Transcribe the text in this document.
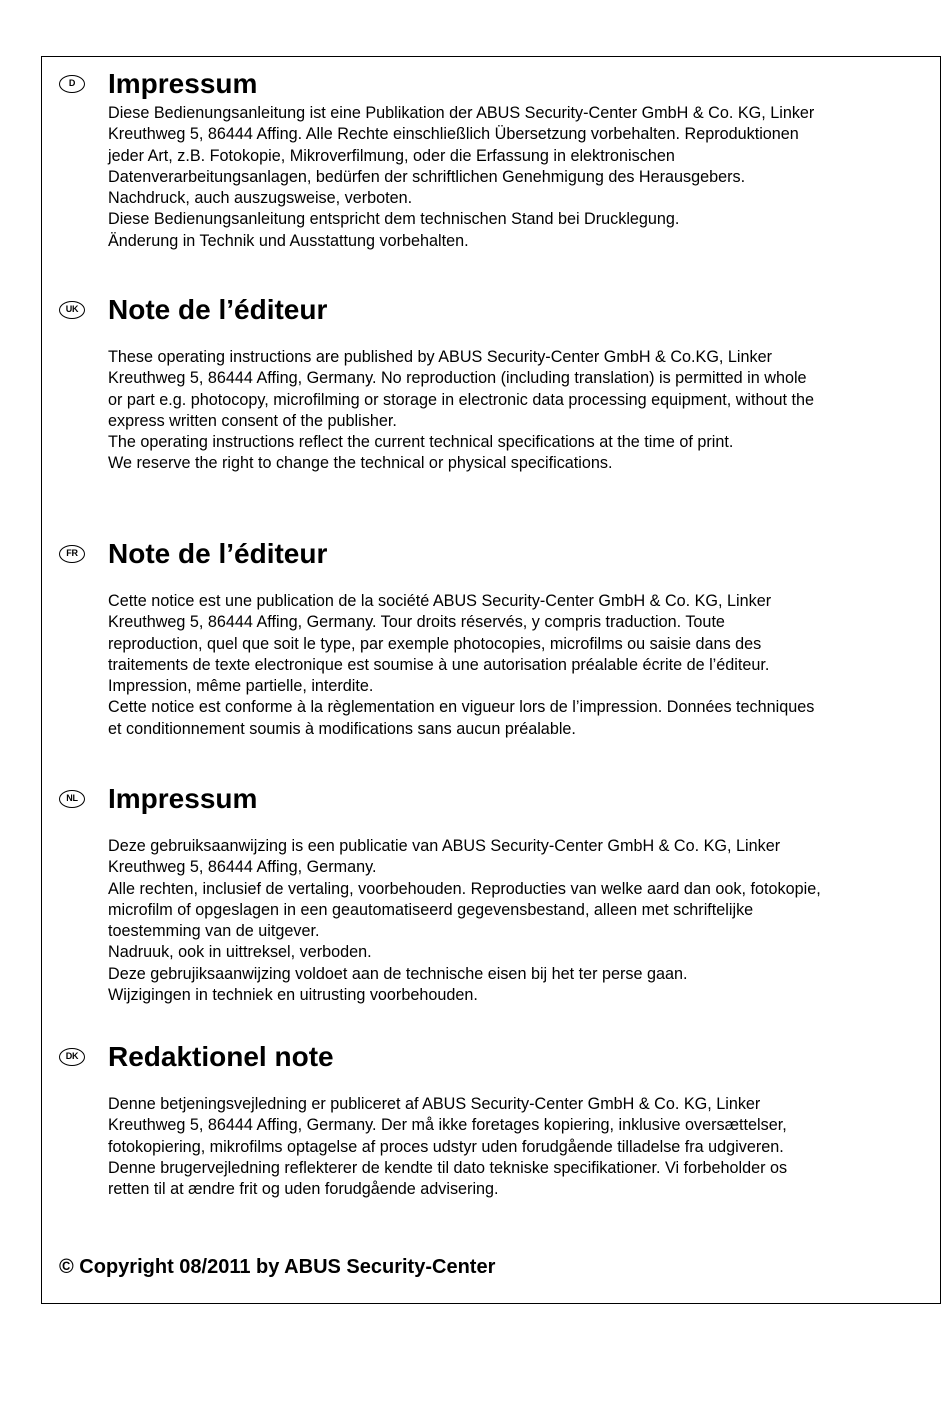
D	Impressum
Diese Bedienungsanleitung ist eine Publikation der ABUS Security-Center GmbH & Co. KG, Linker
Kreuthweg 5, 86444 Affing. Alle Rechte einschließlich Übersetzung vorbehalten. Reproduktionen
jeder Art, z.B. Fotokopie, Mikroverfilmung, oder die Erfassung in elektronischen
Datenverarbeitungsanlagen, bedürfen der schriftlichen Genehmigung des Herausgebers.
Nachdruck, auch auszugsweise, verboten.
Diese Bedienungsanleitung entspricht dem technischen Stand bei Drucklegung.
Änderung in Technik und Ausstattung vorbehalten.
UK Note de l’éditeur
These operating instructions are published by ABUS Security-Center GmbH & Co.KG, Linker
Kreuthweg 5, 86444 Affing, Germany. No reproduction (including translation) is permitted in whole
or part e.g. photocopy, microfilming or storage in electronic data processing equipment, without the
express written consent of the publisher.
The operating instructions reflect the current technical specifications at the time of print.
We reserve the right to change the technical or physical specifications.
FR Note de l’éditeur
Cette notice est une publication de la société ABUS Security-Center GmbH & Co. KG, Linker
Kreuthweg 5, 86444 Affing, Germany. Tour droits réservés, y compris traduction. Toute
reproduction, quel que soit le type, par exemple photocopies, microfilms ou saisie dans des
traitements de texte electronique est soumise à une autorisation préalable écrite de l’éditeur.
Impression, même partielle, interdite.
Cette notice est conforme à la règlementation en vigueur lors de l’impression. Données techniques
et conditionnement soumis à modifications sans aucun préalable.
NL Impressum
Deze gebruiksaanwijzing is een publicatie van ABUS Security-Center GmbH & Co. KG, Linker
Kreuthweg 5, 86444 Affing, Germany.
Alle rechten, inclusief de vertaling, voorbehouden. Reproducties van welke aard dan ook, fotokopie,
microfilm of opgeslagen in een geautomatiseerd gegevensbestand, alleen met schriftelijke
toestemming van de uitgever.
Nadruuk, ook in uittreksel, verboden.
Deze gebrujiksaanwijzing voldoet aan de technische eisen bij het ter perse gaan.
Wijzigingen in techniek en uitrusting voorbehouden.
DK Redaktionel note
Denne betjeningsvejledning er publiceret af ABUS Security-Center GmbH & Co. KG, Linker
Kreuthweg 5, 86444 Affing, Germany. Der må ikke foretages kopiering, inklusive oversættelser,
fotokopiering, mikrofilms optagelse af proces udstyr uden forudgående tilladelse fra udgiveren.
Denne brugervejledning reflekterer de kendte til dato tekniske specifikationer. Vi forbeholder os
retten til at ændre frit og uden forudgående advisering.
© Copyright 08/2011 by ABUS Security-Center
